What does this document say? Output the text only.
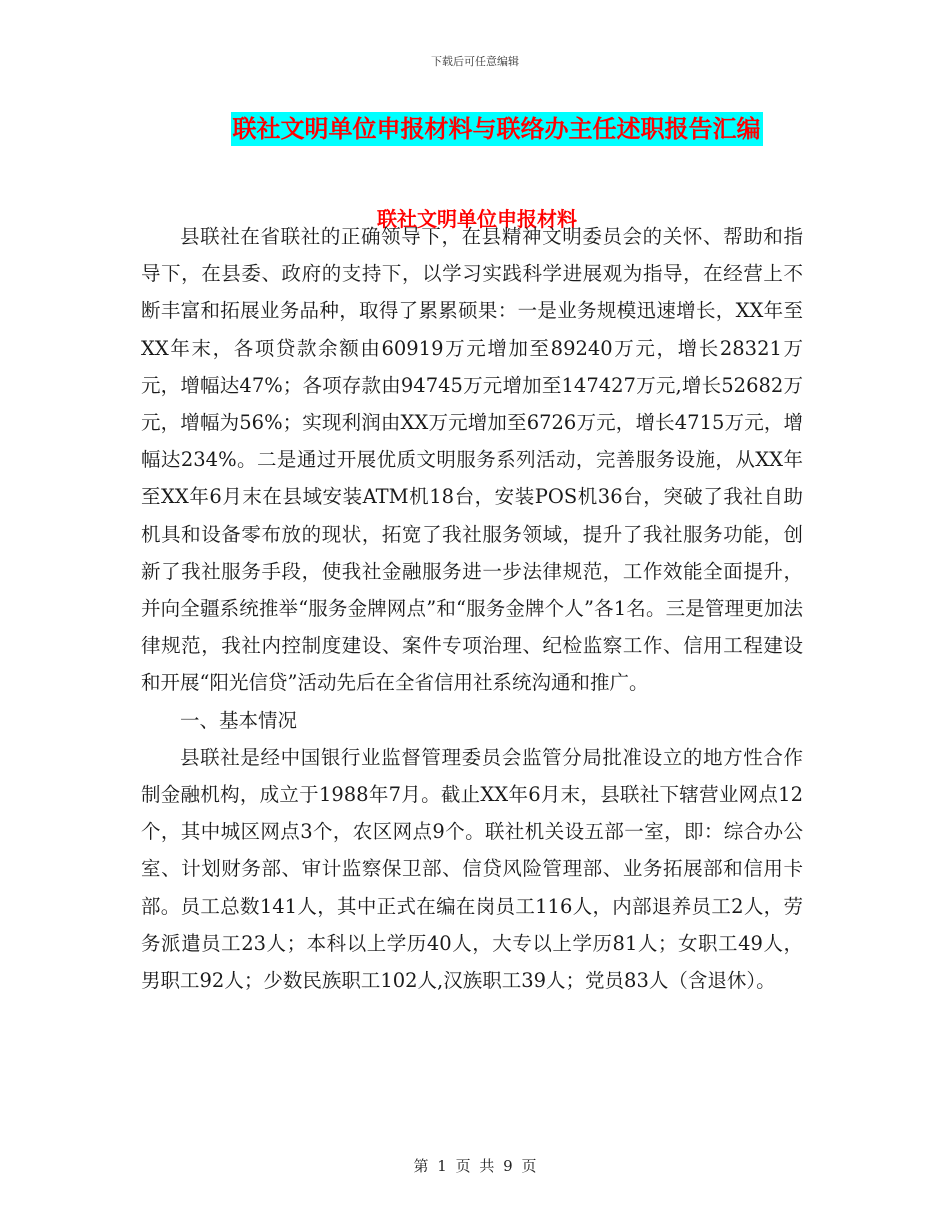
下载后可任意编辑
联社文明单位申报材料与联络办主任述职报告汇编
联社文明单位申报材料

县联社在省联社的正确领导下，在县精神文明委员会的关怀、帮助和指导下，在县委、政府的支持下，以学习实践科学进展观为指导，在经营上不断丰富和拓展业务品种，取得了累累硕果：一是业务规模迅速增长，XX年至XX年末，各项贷款余额由60919万元增加至89240万元，增长28321万元，增幅达47%；各项存款由94745万元增加至147427万元,增长52682万元，增幅为56%；实现利润由XX万元增加至6726万元，增长4715万元，增幅达234%。二是通过开展优质文明服务系列活动，完善服务设施，从XX年至XX年6月末在县域安装ATM机18台，安装POS机36台，突破了我社自助机具和设备零布放的现状，拓宽了我社服务领域，提升了我社服务功能，创新了我社服务手段，使我社金融服务进一步法律规范，工作效能全面提升，并向全疆系统推举“服务金牌网点”和“服务金牌个人”各1名。三是管理更加法律规范，我社内控制度建设、案件专项治理、纪检监察工作、信用工程建设和开展“阳光信贷”活动先后在全省信用社系统沟通和推广。

一、基本情况

县联社是经中国银行业监督管理委员会监管分局批准设立的地方性合作制金融机构，成立于1988年7月。截止XX年6月末，县联社下辖营业网点12个，其中城区网点3个，农区网点9个。联社机关设五部一室，即：综合办公室、计划财务部、审计监察保卫部、信贷风险管理部、业务拓展部和信用卡部。员工总数141人，其中正式在编在岗员工116人，内部退养员工2人，劳务派遣员工23人；本科以上学历40人，大专以上学历81人；女职工49人，男职工92人；少数民族职工102人,汉族职工39人；党员83人（含退休）。

第 1 页 共 9 页
